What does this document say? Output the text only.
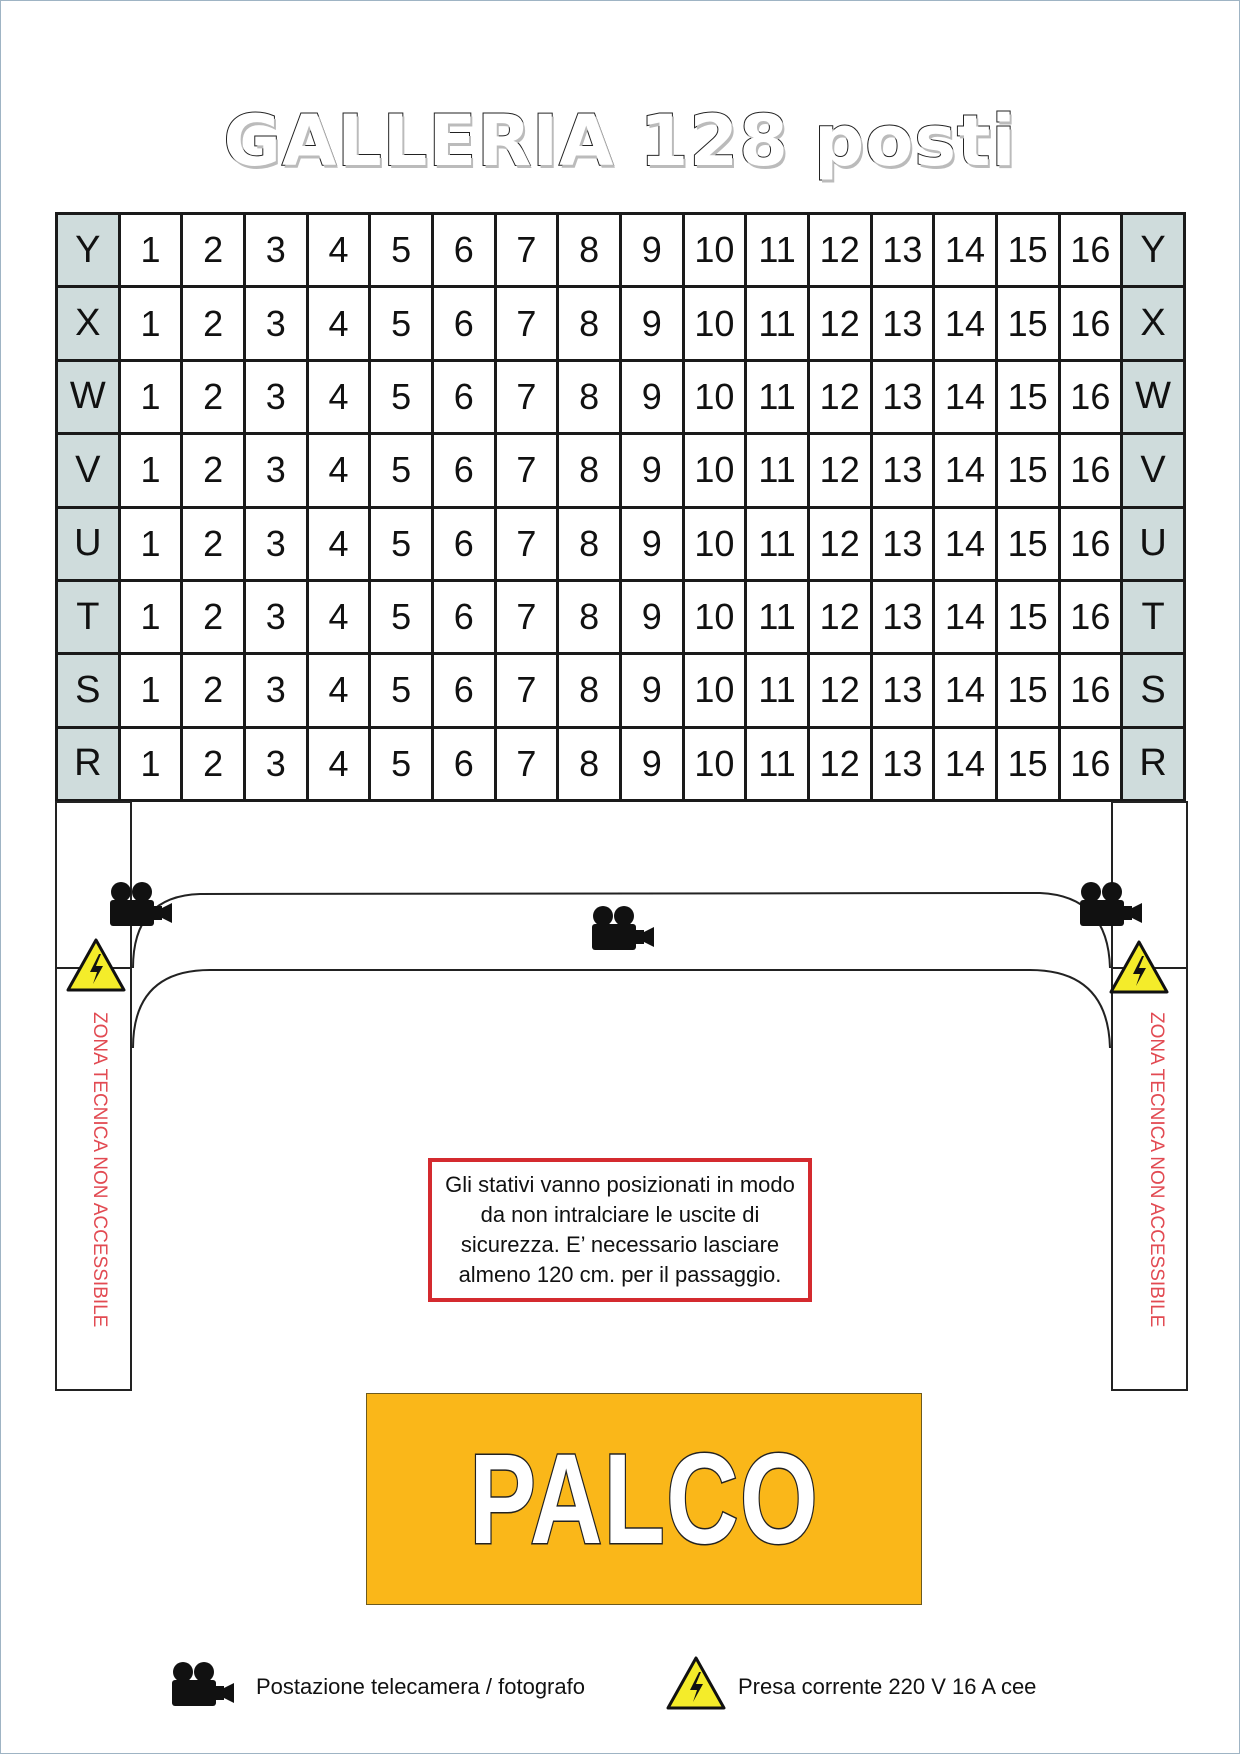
GALLERIA 128 posti
Y	1	2	3	4	5	6	7	8	9	10	11	12	13	14	15	16	Y
X	1	2	3	4	5	6	7	8	9	10	11	12	13	14	15	16	X
W	1	2	3	4	5	6	7	8	9	10	11	12	13	14	15	16	W
V	1	2	3	4	5	6	7	8	9	10	11	12	13	14	15	16	V
U	1	2	3	4	5	6	7	8	9	10	11	12	13	14	15	16	U
T	1	2	3	4	5	6	7	8	9	10	11	12	13	14	15	16	T
S	1	2	3	4	5	6	7	8	9	10	11	12	13	14	15	16	S
R	1	2	3	4	5	6	7	8	9	10	11	12	13	14	15	16	R
ZONA TECNICA NON ACCESSIBILE	ZONA TECNICA NON ACCESSIBILE
Gli stativi vanno posizionati in modo da non intralciare le uscite di sicurezza. E’ necessario lasciare almeno 120 cm. per il passaggio.
PALCO
Postazione telecamera / fotografo	Presa corrente 220 V 16 A cee
